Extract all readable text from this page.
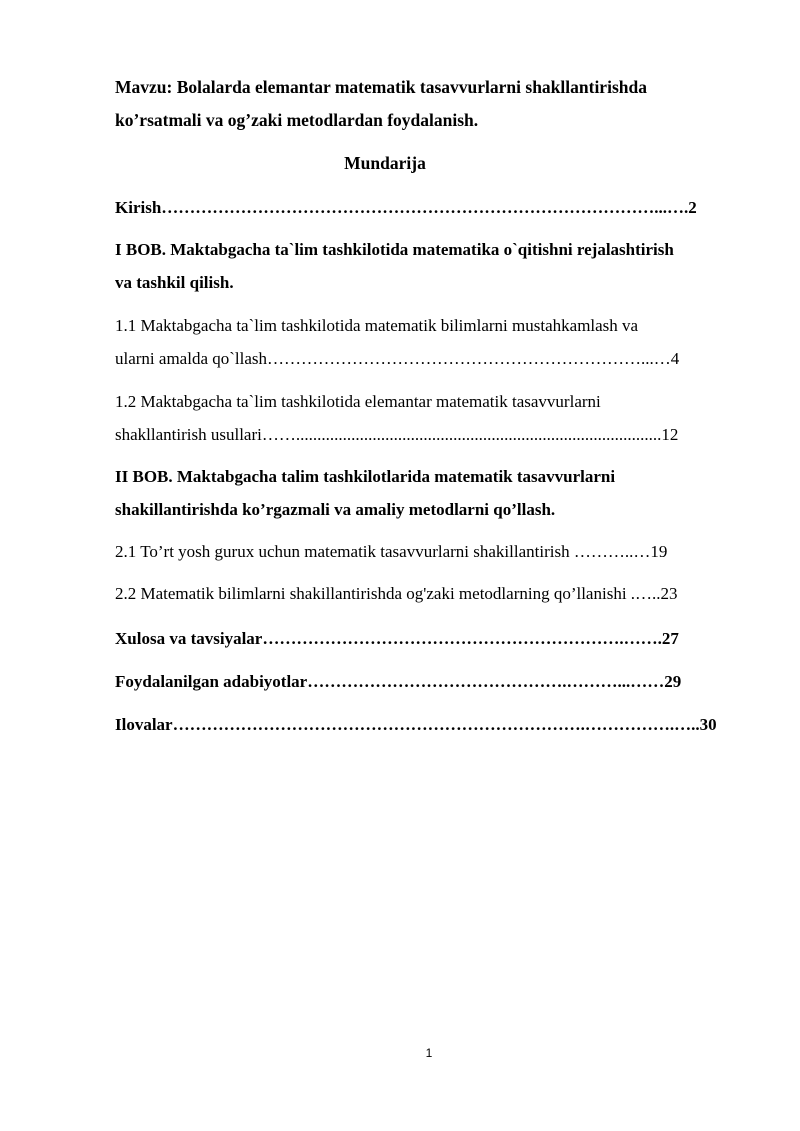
Mavzu: Bolalarda elemantar matematik tasavvurlarni shakllantirishda
ko’rsatmali va og’zaki metodlardan foydalanish.
Mundarija
Kirish……………………………………………………………………………...….2
I BOB. Maktabgacha ta`lim tashkilotida matematika o`qitishni rejalashtirish
va tashkil qilish.
1.1 Maktabgacha ta`lim tashkilotida matematik bilimlarni mustahkamlash va
ularni amalda qo`llash…………………………………………………………...…4
1.2 Maktabgacha ta`lim tashkilotida elemantar matematik tasavvurlarni
shakllantirish usullari……......................................................................................12
II BOB. Maktabgacha talim tashkilotlarida matematik tasavvurlarni
shakillantirishda ko’rgazmali va amaliy metodlarni qo’llash.
2.1 To’rt yosh gurux uchun matematik tasavvurlarni shakillantirish ………..…19
2.2 Matematik bilimlarni shakillantirishda og'zaki metodlarning qo’llanishi .…..23
Xulosa va tavsiyalar……………………………………………………….…….27
Foydalanilgan adabiyotlar……………………………………….………...……29
Ilovalar……………………………………………………………….…………….…..30
1
